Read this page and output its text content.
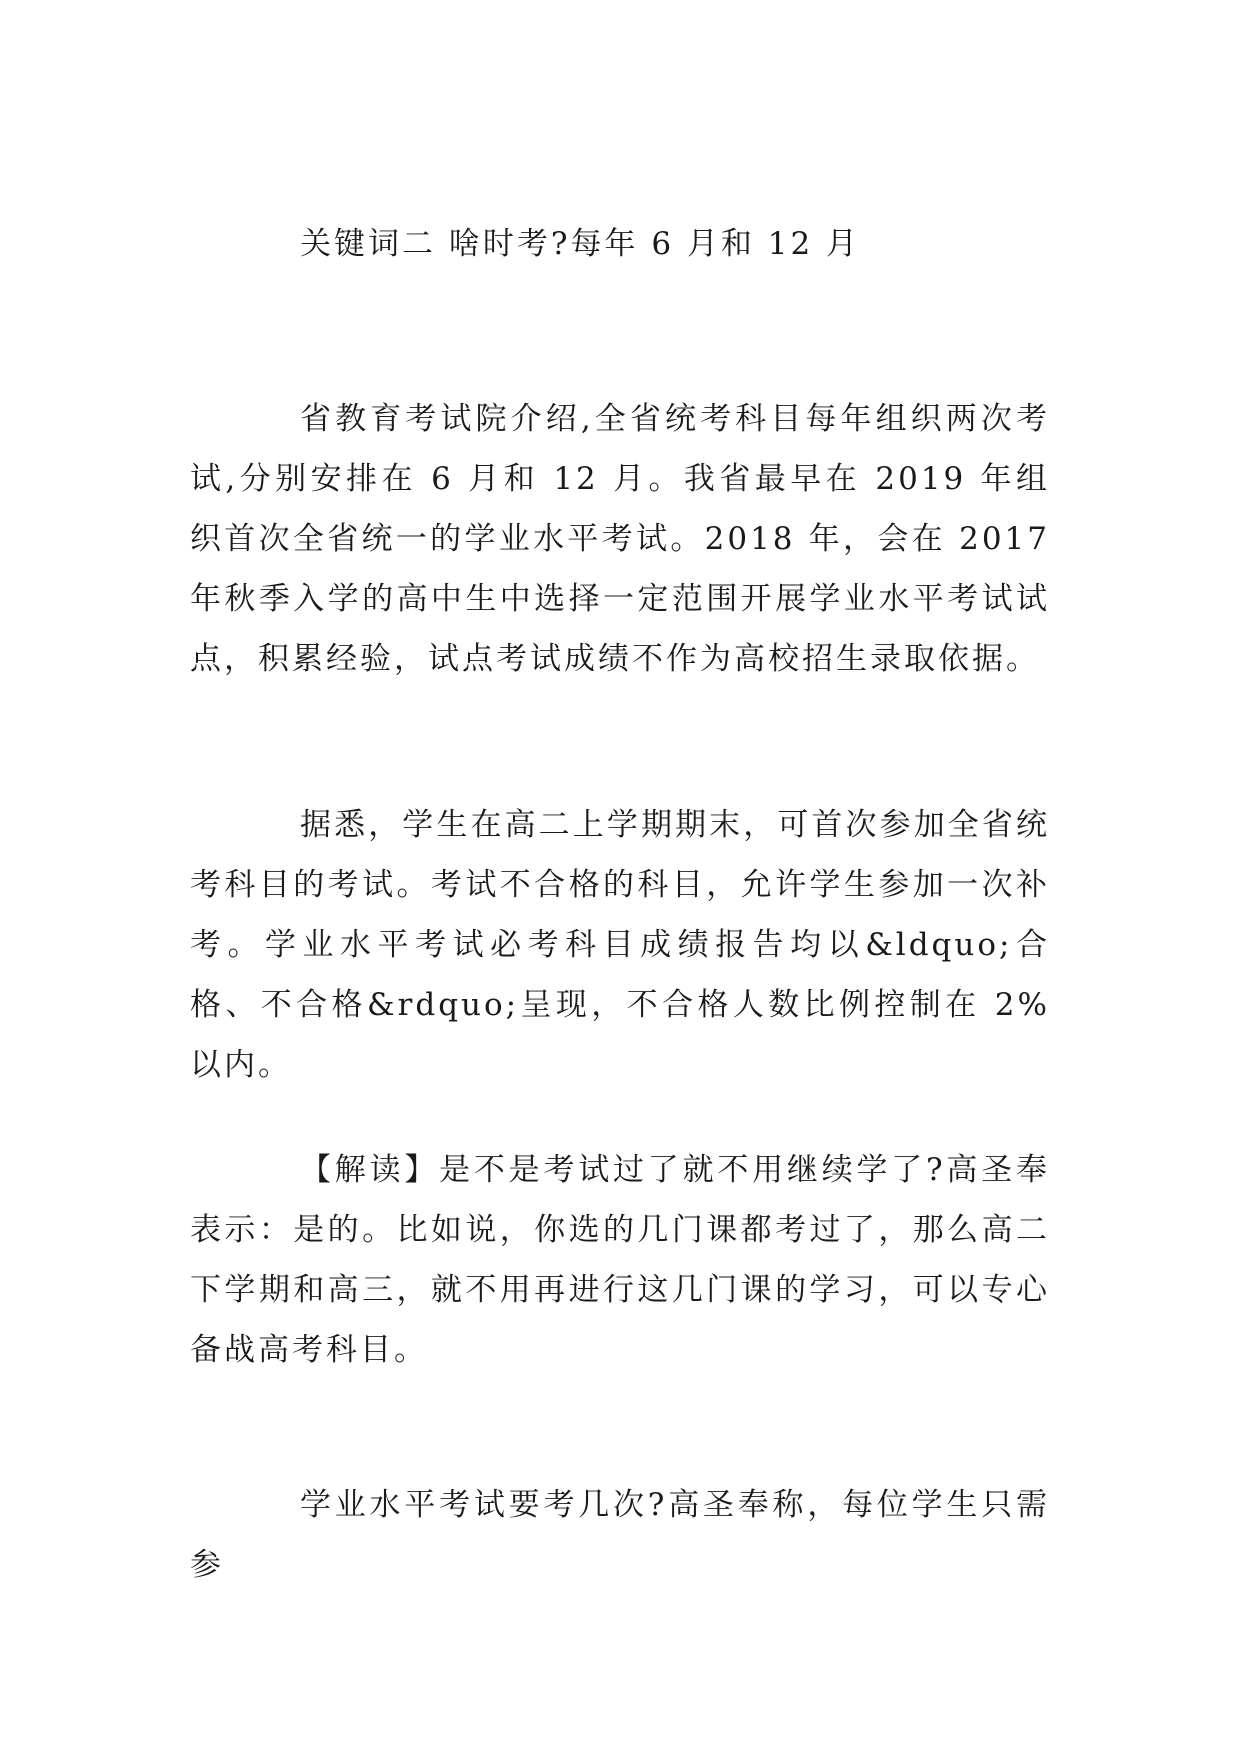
关键词二 啥时考?每年 6 月和 12 月

省教育考试院介绍,全省统考科目每年组织两次考试,分别安排在 6 月和 12 月。我省最早在 2019 年组织首次全省统一的学业水平考试。2018 年，会在 2017 年秋季入学的高中生中选择一定范围开展学业水平考试试点，积累经验，试点考试成绩不作为高校招生录取依据。

据悉，学生在高二上学期期末，可首次参加全省统考科目的考试。考试不合格的科目，允许学生参加一次补考。学业水平考试必考科目成绩报告均以&ldquo;合格、不合格&rdquo;呈现，不合格人数比例控制在 2%以内。

【解读】是不是考试过了就不用继续学了?高圣奉表示：是的。比如说，你选的几门课都考过了，那么高二下学期和高三，就不用再进行这几门课的学习，可以专心备战高考科目。

学业水平考试要考几次?高圣奉称，每位学生只需参
